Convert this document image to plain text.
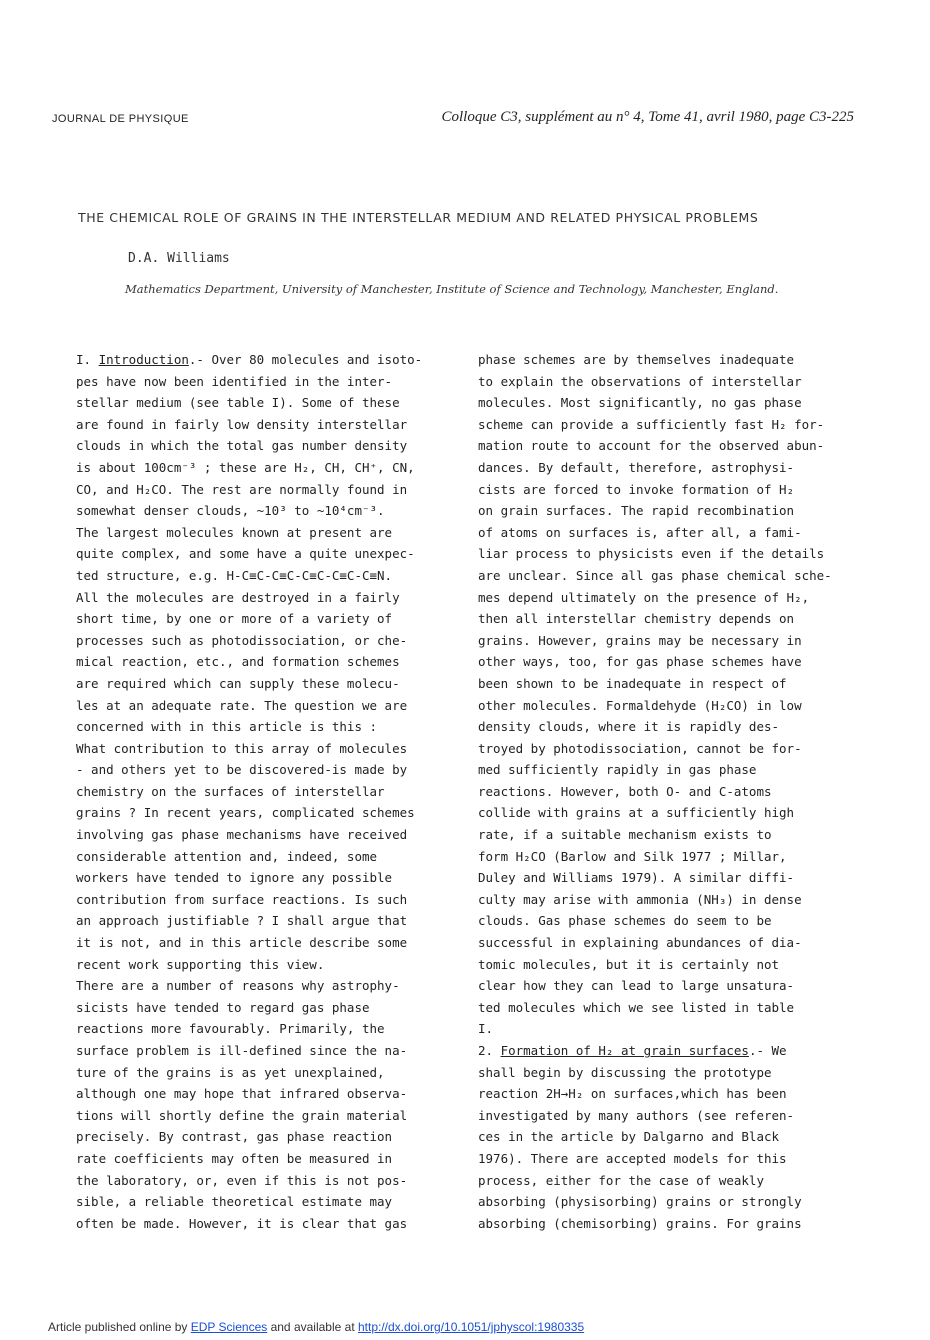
JOURNAL DE PHYSIQUE	Colloque C3, supplément au n° 4, Tome 41, avril 1980, page C3-225
THE CHEMICAL ROLE OF GRAINS IN THE INTERSTELLAR MEDIUM AND RELATED PHYSICAL PROBLEMS
D.A. Williams
Mathematics Department, University of Manchester, Institute of Science and Technology, Manchester, England.
I. Introduction.- Over 80 molecules and isoto-
pes have now been identified in the inter-
stellar medium (see table I). Some of these
are found in fairly low density interstellar
clouds in which the total gas number density
is about 100cm⁻³ ; these are H₂, CH, CH⁺, CN,
CO, and H₂CO. The rest are normally found in
somewhat denser clouds, ~10³ to ~10⁴cm⁻³.
The largest molecules known at present are
quite complex, and some have a quite unexpec-
ted structure, e.g. H-C≡C-C≡C-C≡C-C≡C-C≡N.
All the molecules are destroyed in a fairly
short time, by one or more of a variety of
processes such as photodissociation, or che-
mical reaction, etc., and formation schemes
are required which can supply these molecu-
les at an adequate rate. The question we are
concerned with in this article is this :
What contribution to this array of molecules
- and others yet to be discovered-is made by
chemistry on the surfaces of interstellar
grains ? In recent years, complicated schemes
involving gas phase mechanisms have received
considerable attention and, indeed, some
workers have tended to ignore any possible
contribution from surface reactions. Is such
an approach justifiable ? I shall argue that
it is not, and in this article describe some
recent work supporting this view.
There are a number of reasons why astrophy-
sicists have tended to regard gas phase
reactions more favourably. Primarily, the
surface problem is ill-defined since the na-
ture of the grains is as yet unexplained,
although one may hope that infrared observa-
tions will shortly define the grain material
precisely. By contrast, gas phase reaction
rate coefficients may often be measured in
the laboratory, or, even if this is not pos-
sible, a reliable theoretical estimate may
often be made. However, it is clear that gas
phase schemes are by themselves inadequate
to explain the observations of interstellar
molecules. Most significantly, no gas phase
scheme can provide a sufficiently fast H₂ for-
mation route to account for the observed abun-
dances. By default, therefore, astrophysi-
cists are forced to invoke formation of H₂
on grain surfaces. The rapid recombination
of atoms on surfaces is, after all, a fami-
liar process to physicists even if the details
are unclear. Since all gas phase chemical sche-
mes depend ultimately on the presence of H₂,
then all interstellar chemistry depends on
grains. However, grains may be necessary in
other ways, too, for gas phase schemes have
been shown to be inadequate in respect of
other molecules. Formaldehyde (H₂CO) in low
density clouds, where it is rapidly des-
troyed by photodissociation, cannot be for-
med sufficiently rapidly in gas phase
reactions. However, both O- and C-atoms
collide with grains at a sufficiently high
rate, if a suitable mechanism exists to
form H₂CO (Barlow and Silk 1977 ; Millar,
Duley and Williams 1979). A similar diffi-
culty may arise with ammonia (NH₃) in dense
clouds. Gas phase schemes do seem to be
successful in explaining abundances of dia-
tomic molecules, but it is certainly not
clear how they can lead to large unsatura-
ted molecules which we see listed in table
I.
2. Formation of H₂ at grain surfaces.- We
shall begin by discussing the prototype
reaction 2H→H₂ on surfaces,which has been
investigated by many authors (see referen-
ces in the article by Dalgarno and Black
1976). There are accepted models for this
process, either for the case of weakly
absorbing (physisorbing) grains or strongly
absorbing (chemisorbing) grains. For grains
Article published online by EDP Sciences and available at http://dx.doi.org/10.1051/jphyscol:1980335
